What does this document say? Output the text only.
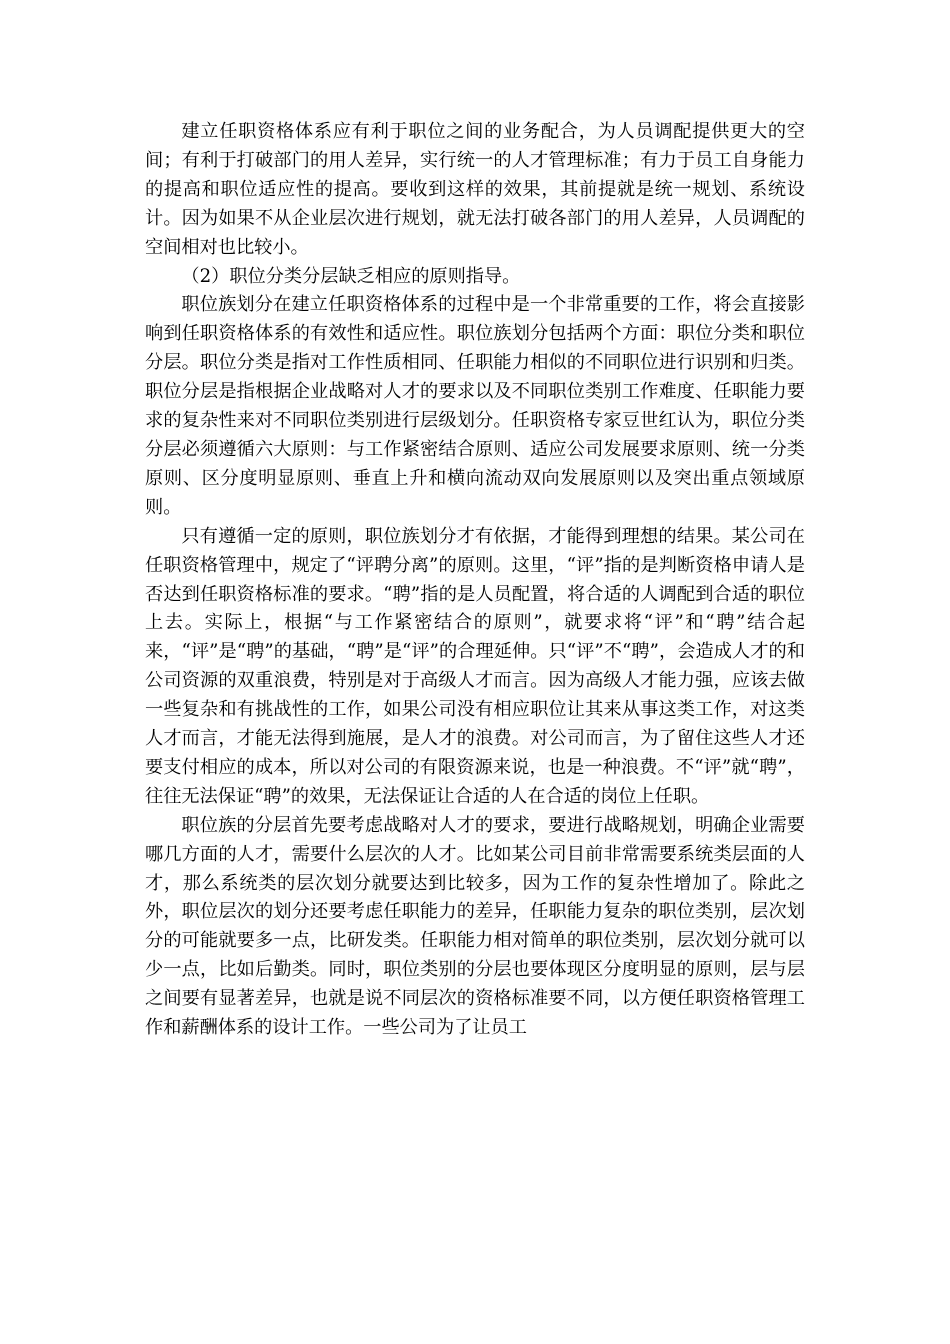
建立任职资格体系应有利于职位之间的业务配合，为人员调配提供更大的空间；有利于打破部门的用人差异，实行统一的人才管理标准；有力于员工自身能力的提高和职位适应性的提高。要收到这样的效果，其前提就是统一规划、系统设计。因为如果不从企业层次进行规划，就无法打破各部门的用人差异，人员调配的空间相对也比较小。

（2）职位分类分层缺乏相应的原则指导。

职位族划分在建立任职资格体系的过程中是一个非常重要的工作，将会直接影响到任职资格体系的有效性和适应性。职位族划分包括两个方面：职位分类和职位分层。职位分类是指对工作性质相同、任职能力相似的不同职位进行识别和归类。职位分层是指根据企业战略对人才的要求以及不同职位类别工作难度、任职能力要求的复杂性来对不同职位类别进行层级划分。任职资格专家豆世红认为，职位分类分层必须遵循六大原则：与工作紧密结合原则、适应公司发展要求原则、统一分类原则、区分度明显原则、垂直上升和横向流动双向发展原则以及突出重点领域原则。

只有遵循一定的原则，职位族划分才有依据，才能得到理想的结果。某公司在任职资格管理中，规定了“评聘分离”的原则。这里，“评”指的是判断资格申请人是否达到任职资格标准的要求。“聘”指的是人员配置，将合适的人调配到合适的职位上去。实际上，根据“与工作紧密结合的原则”，就要求将“评”和“聘”结合起来，“评”是“聘”的基础，“聘”是“评”的合理延伸。只“评”不“聘”，会造成人才的和公司资源的双重浪费，特别是对于高级人才而言。因为高级人才能力强，应该去做一些复杂和有挑战性的工作，如果公司没有相应职位让其来从事这类工作，对这类人才而言，才能无法得到施展，是人才的浪费。对公司而言，为了留住这些人才还要支付相应的成本，所以对公司的有限资源来说，也是一种浪费。不“评”就“聘”，往往无法保证“聘”的效果，无法保证让合适的人在合适的岗位上任职。

职位族的分层首先要考虑战略对人才的要求，要进行战略规划，明确企业需要哪几方面的人才，需要什么层次的人才。比如某公司目前非常需要系统类层面的人才，那么系统类的层次划分就要达到比较多，因为工作的复杂性增加了。除此之外，职位层次的划分还要考虑任职能力的差异，任职能力复杂的职位类别，层次划分的可能就要多一点，比研发类。任职能力相对简单的职位类别，层次划分就可以少一点，比如后勤类。同时，职位类别的分层也要体现区分度明显的原则，层与层之间要有显著差异，也就是说不同层次的资格标准要不同，以方便任职资格管理工作和薪酬体系的设计工作。一些公司为了让员工
